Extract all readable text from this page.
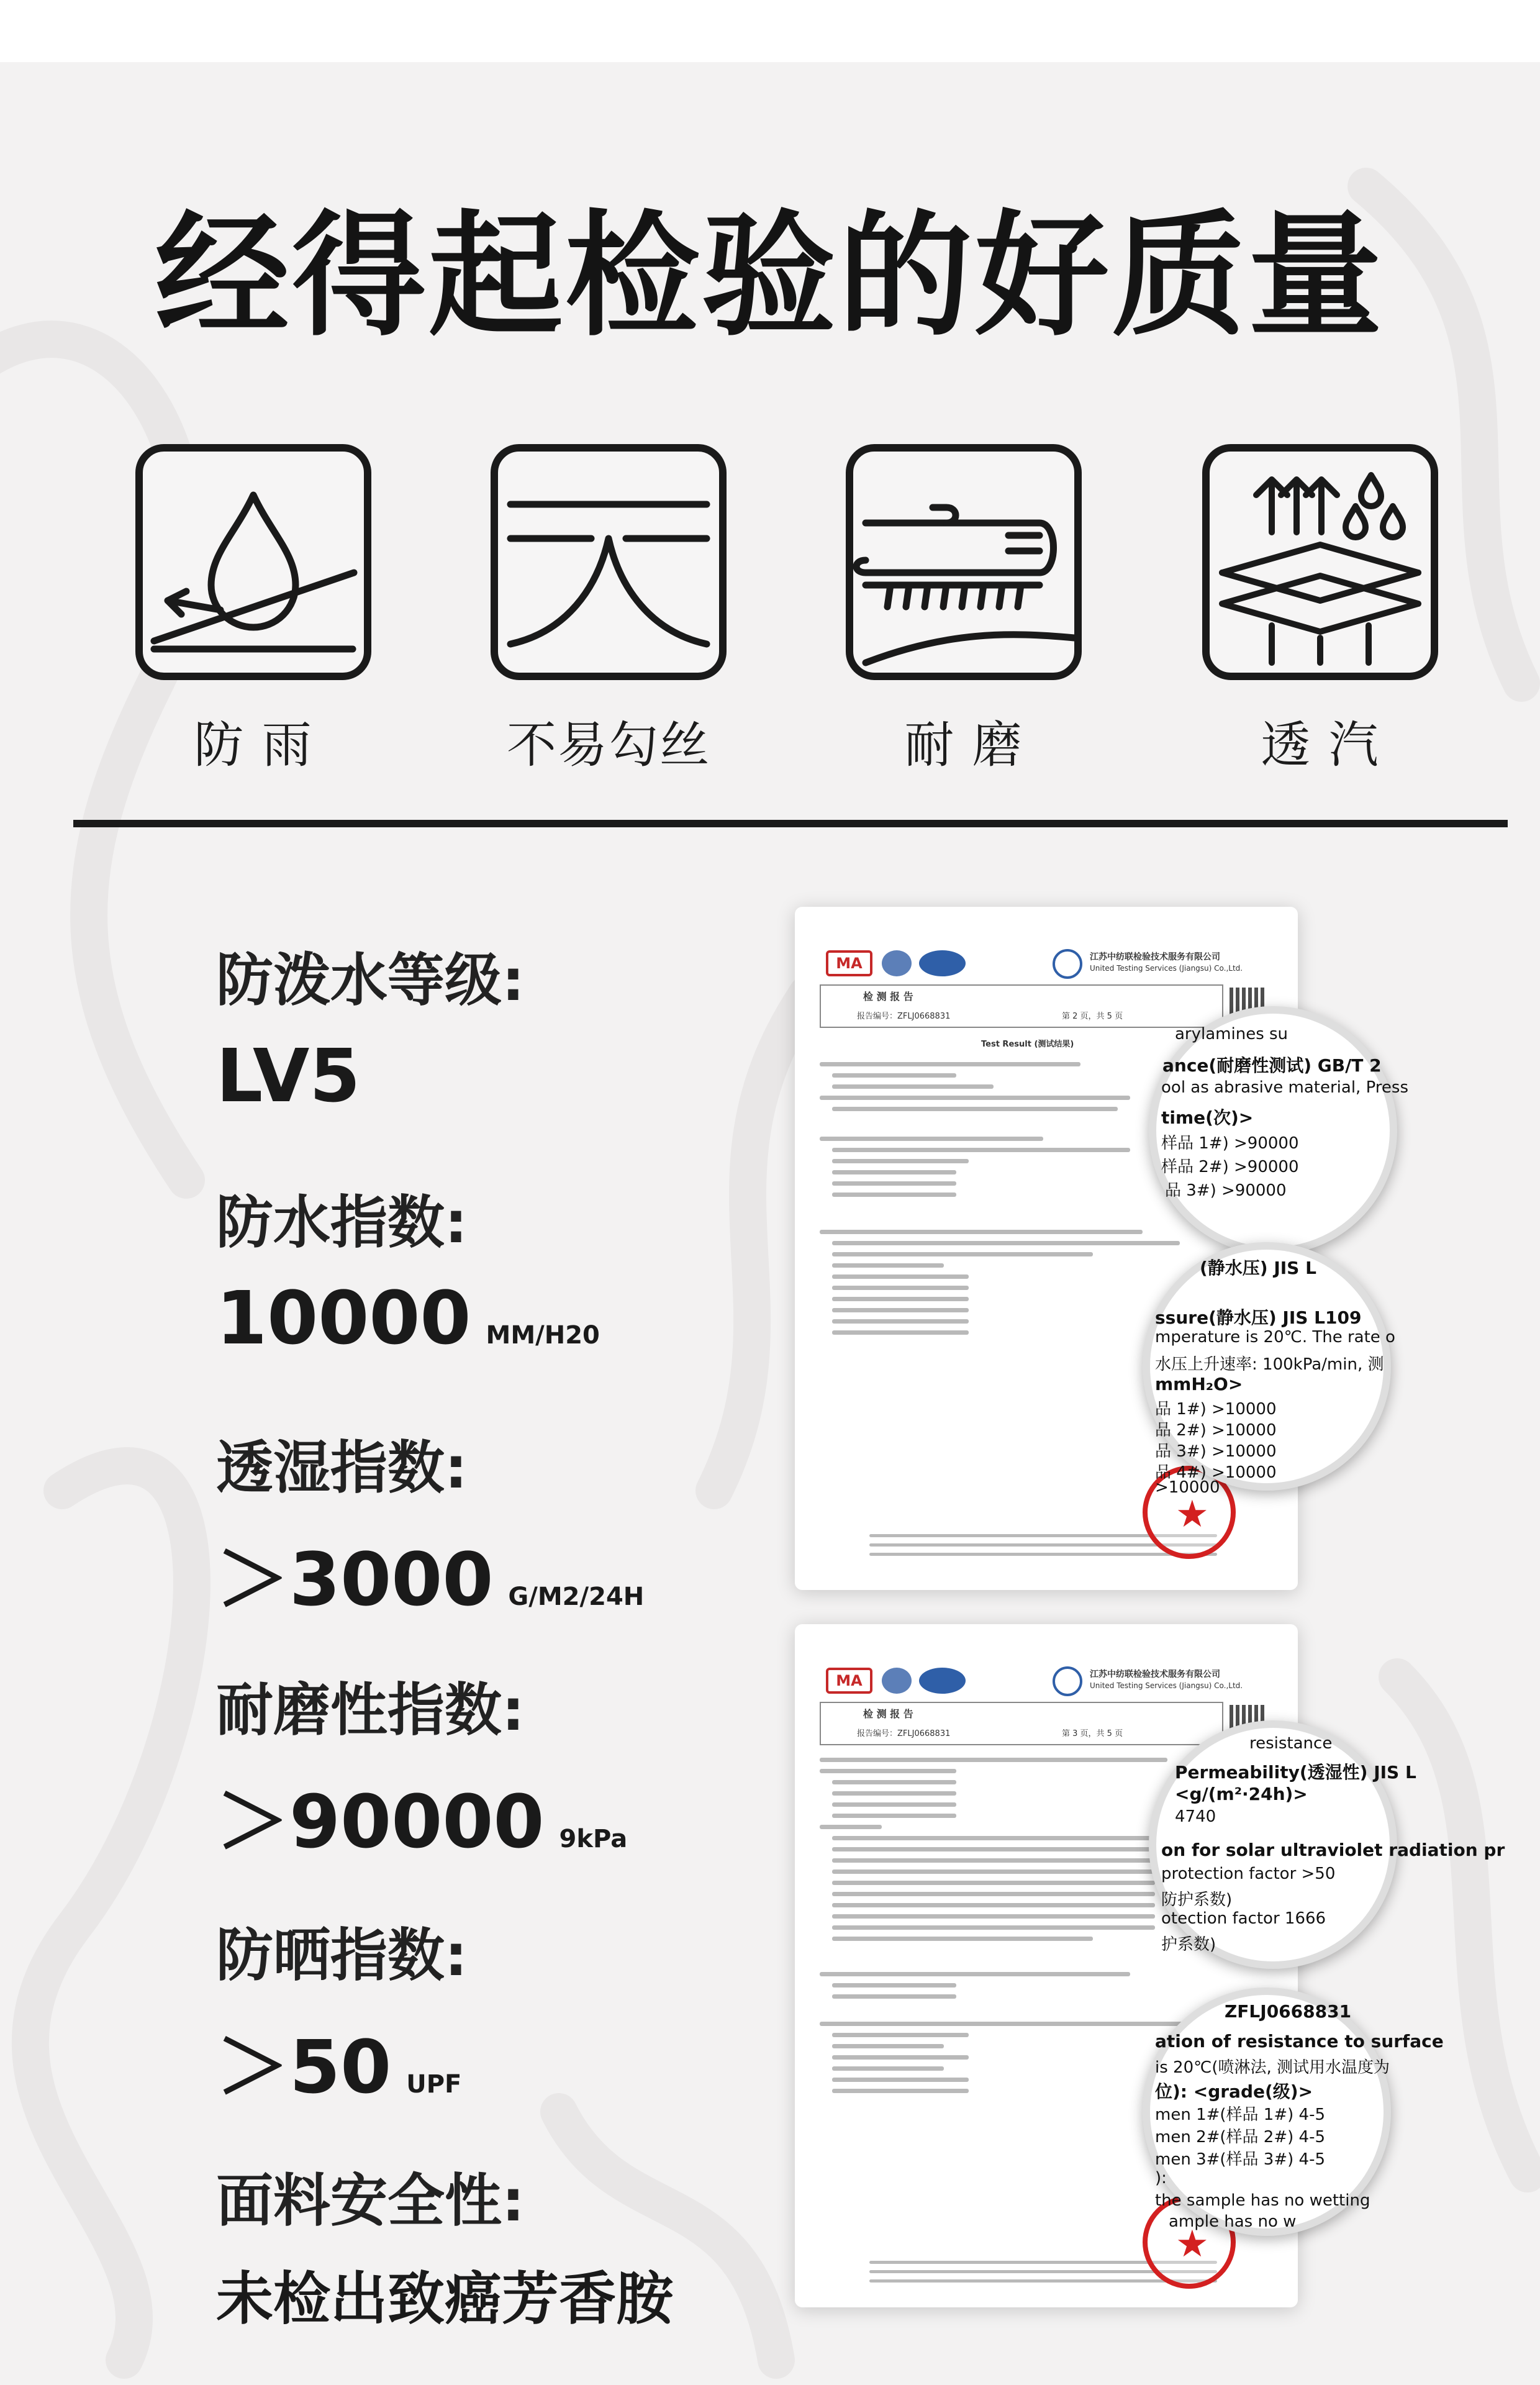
经得起检验的好质量
防 雨	不易勾丝	耐 磨	透 汽
防泼水等级:
LV5
防水指数:
10000 MM/H20
透湿指数:
＞3000 G/M2/24H
耐磨性指数:
＞90000 9kPa
防晒指数:
＞50 UPF
面料安全性:
未检出致癌芳香胺
MA	江苏中纺联检验技术服务有限公司
United Testing Services (Jiangsu) Co.,Ltd.
检 测 报 告
报告编号：ZFLJ0668831	第 2 页，共 5 页
Test Result (测试结果)
★
arylamines su
ance(耐磨性测试) GB/T 2
ool as abrasive material, Press
time(次)>
样品 1#) >90000
样品 2#) >90000
品 3#) >90000
(静水压) JIS L
ssure(静水压) JIS L109
mperature is 20℃. The rate o
水压上升速率: 100kPa/min, 测
mmH₂O>
品 1#) >10000
品 2#) >10000
品 3#) >10000
品 4#) >10000
>10000
MA	江苏中纺联检验技术服务有限公司
United Testing Services (Jiangsu) Co.,Ltd.
检 测 报 告
报告编号：ZFLJ0668831	第 3 页，共 5 页
★
resistance
Permeability(透湿性) JIS L
<g/(m²·24h)>
4740
on for solar ultraviolet radiation pr
protection factor >50
防护系数)
otection factor 1666
护系数)
ZFLJ0668831
ation of resistance to surface
is 20℃(喷淋法, 测试用水温度为
位): <grade(级)>
men 1#(样品 1#) 4-5
men 2#(样品 2#) 4-5
men 3#(样品 3#) 4-5
):
the sample has no wetting
ample has no w
